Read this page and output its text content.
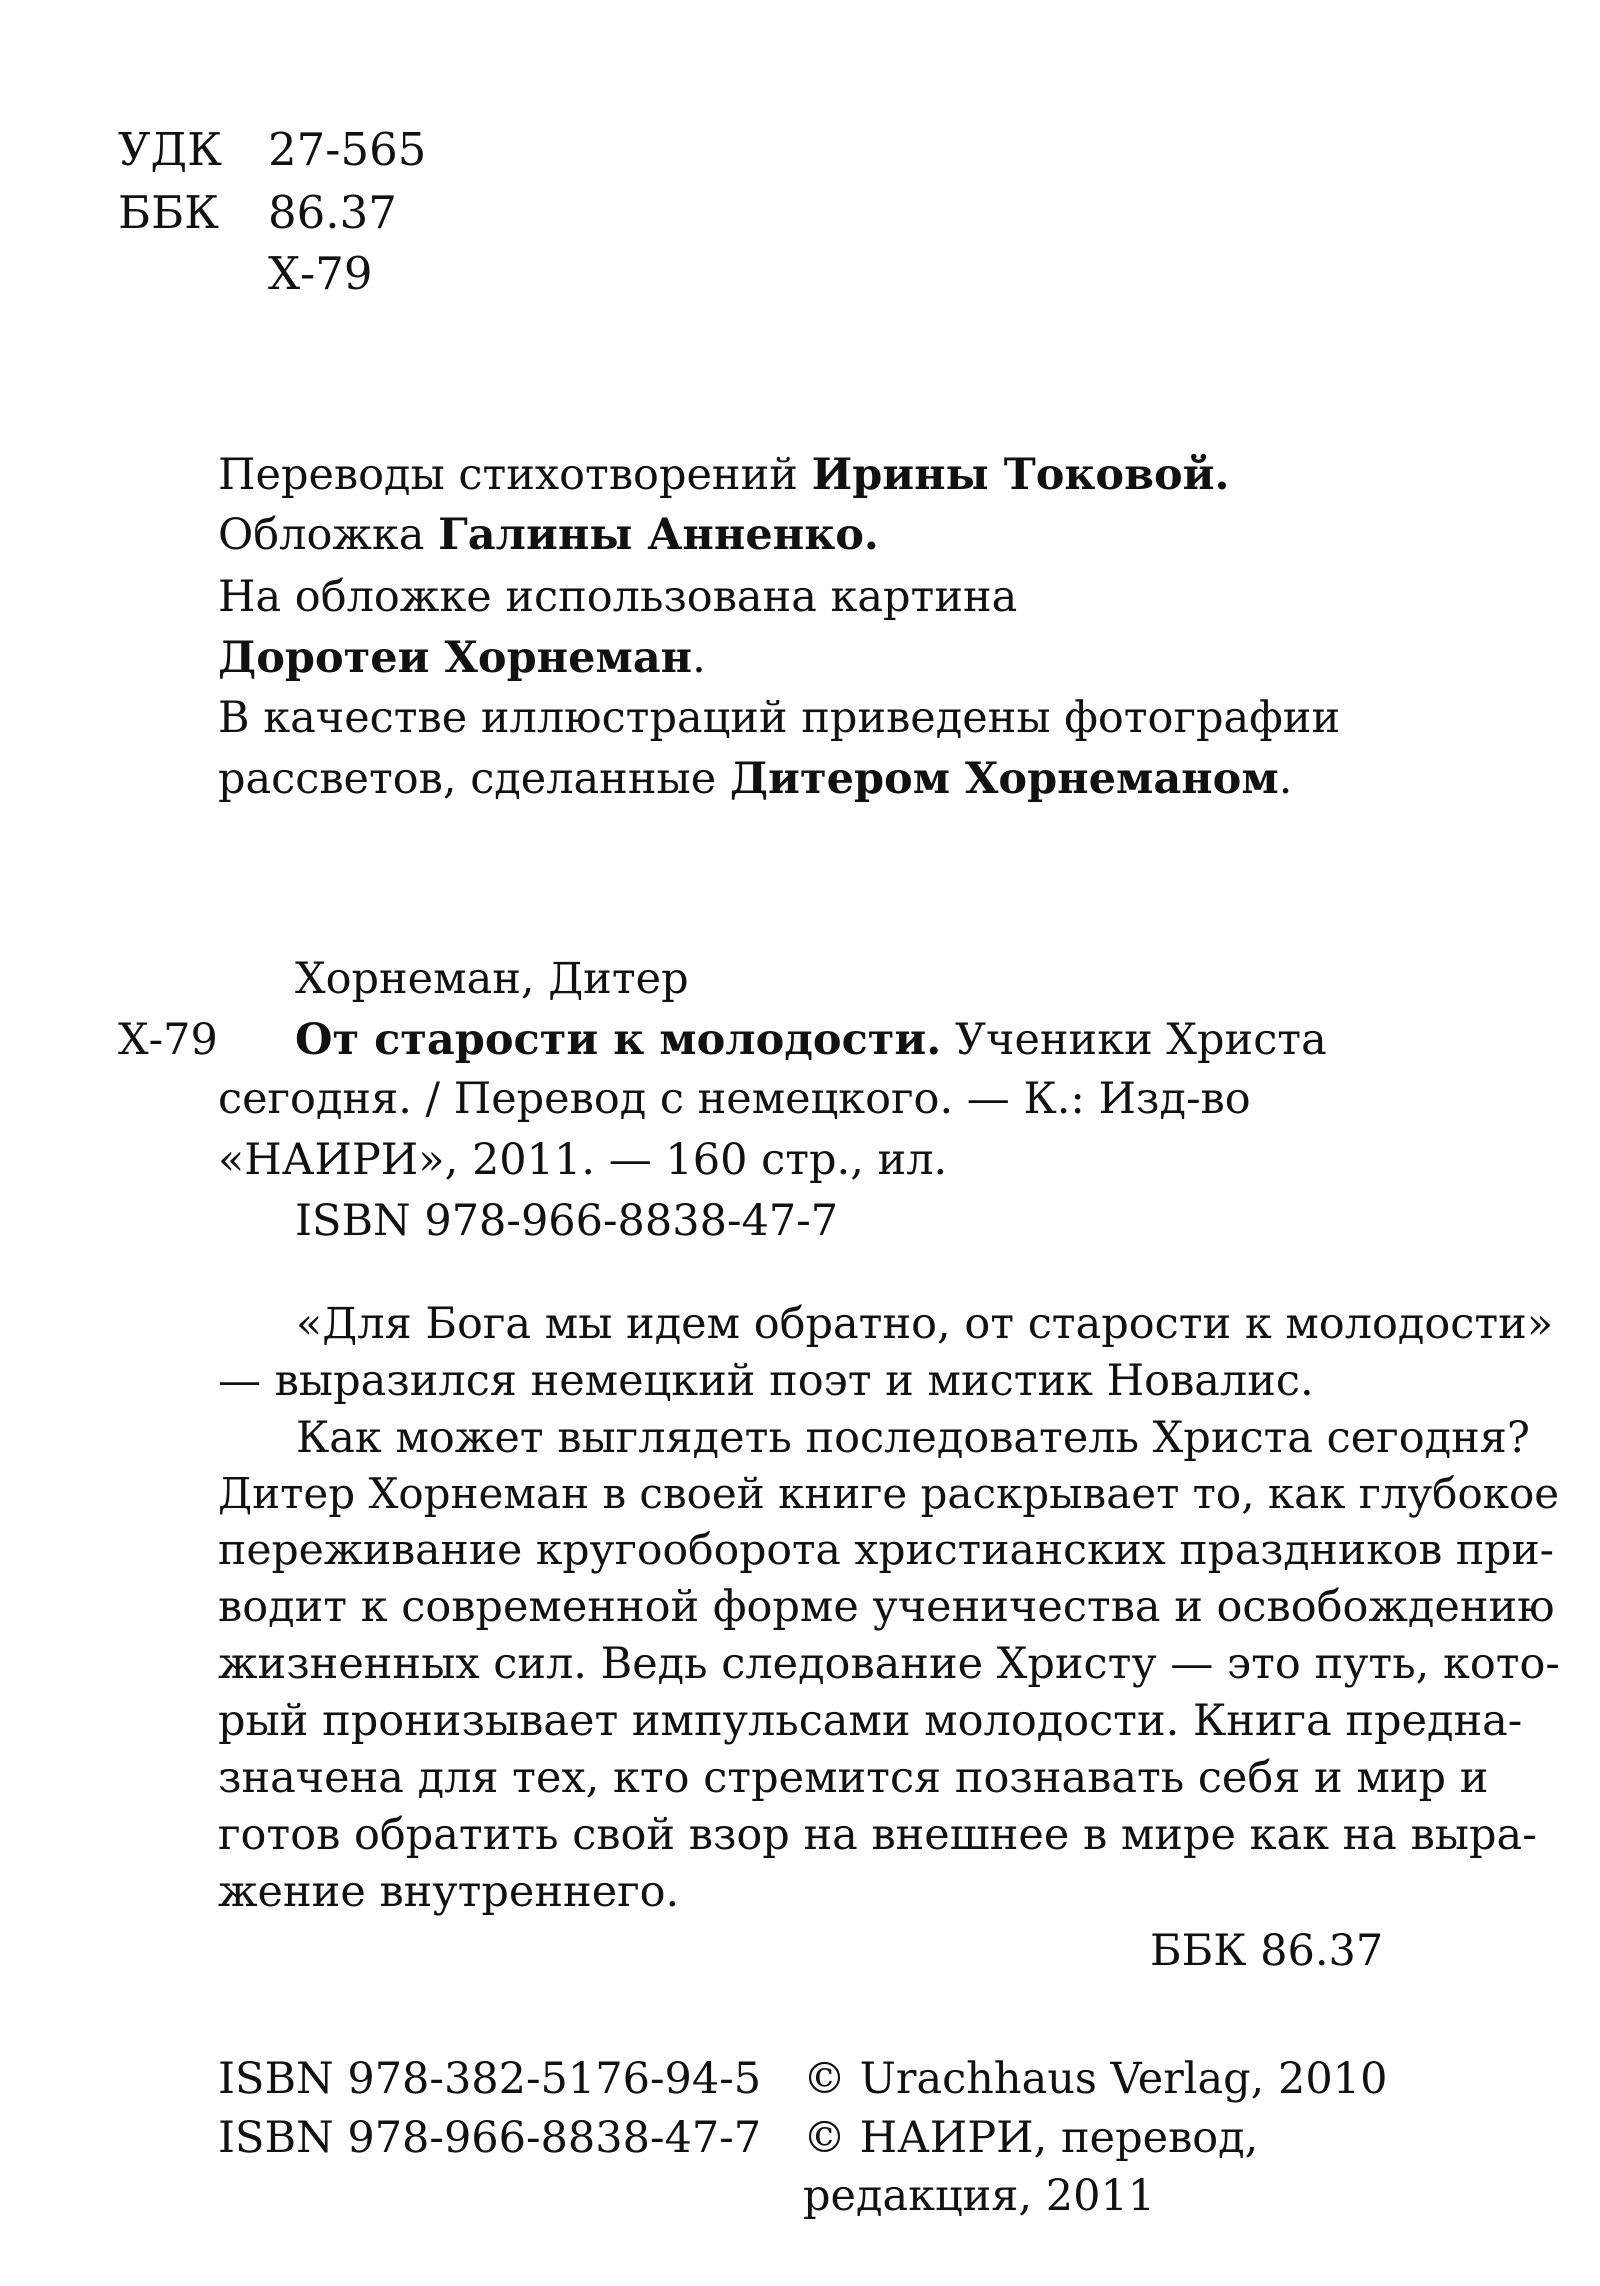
УДК 27-565
ББК 86.37
Х-79
Переводы стихотворений Ирины Токовой.
Обложка Галины Анненко.
На обложке использована картина
Доротеи Хорнеман.
В качестве иллюстраций приведены фотографии
рассветов, сделанные Дитером Хорнеманом.
Хорнеман, Дитер
Х-79 От старости к молодости. Ученики Христа
сегодня. / Перевод с немецкого. — К.: Изд-во
«НАИРИ», 2011. — 160 стр., ил.
ISBN 978-966-8838-47-7
«Для Бога мы идем обратно, от старости к молодости»
— выразился немецкий поэт и мистик Новалис.
Как может выглядеть последователь Христа сегодня?
Дитер Хорнеман в своей книге раскрывает то, как глубокое
переживание кругооборота христианских праздников при-
водит к современной форме ученичества и освобождению
жизненных сил. Ведь следование Христу — это путь, кото-
рый пронизывает импульсами молодости. Книга предна-
значена для тех, кто стремится познавать себя и мир и
готов обратить свой взор на внешнее в мире как на выра-
жение внутреннего.
ББК 86.37
ISBN 978-382-5176-94-5 © Urachhaus Verlag, 2010
ISBN 978-966-8838-47-7 © НАИРИ, перевод,
редакция, 2011
